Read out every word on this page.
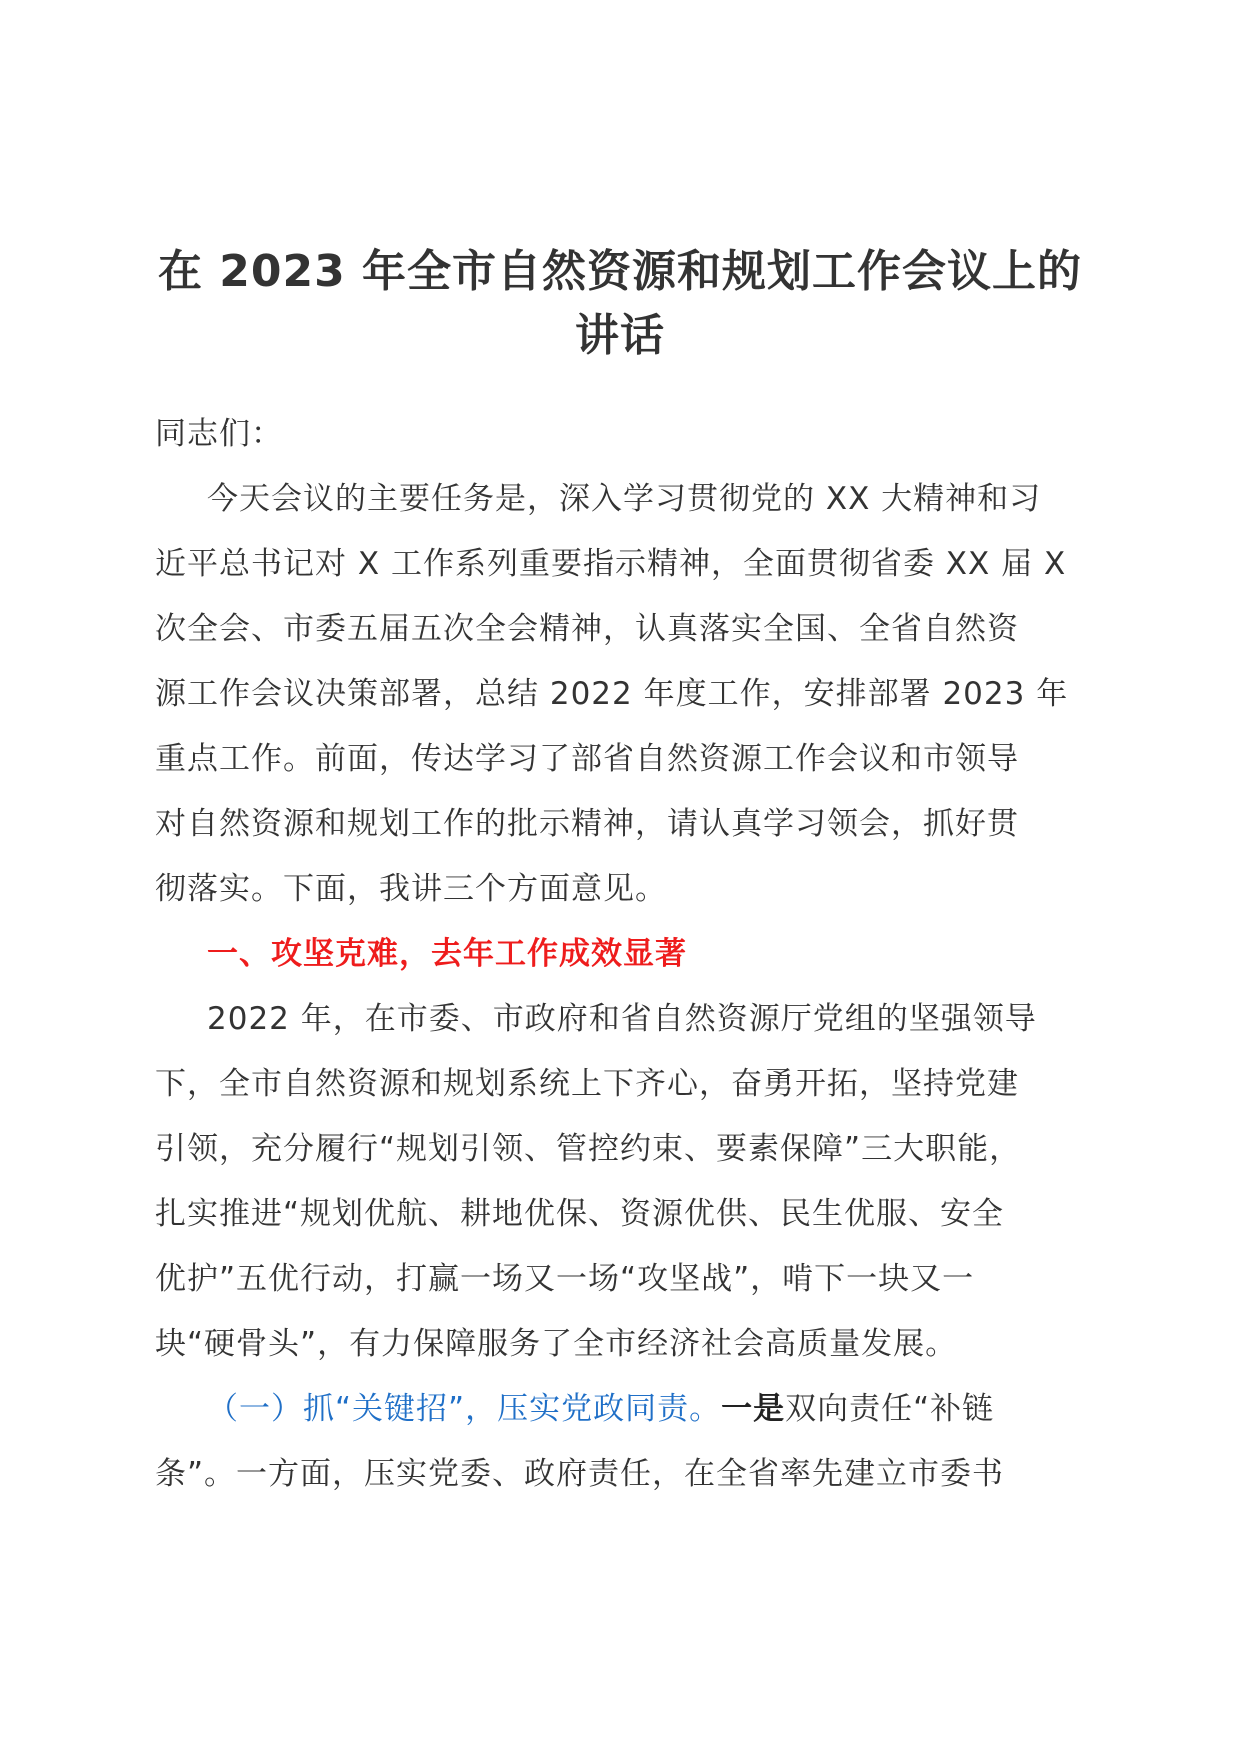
在 2023 年全市自然资源和规划工作会议上的
讲话

同志们：

今天会议的主要任务是，深入学习贯彻党的 XX 大精神和习
近平总书记对 X 工作系列重要指示精神，全面贯彻省委 XX 届 X
次全会、市委五届五次全会精神，认真落实全国、全省自然资
源工作会议决策部署，总结 2022 年度工作，安排部署 2023 年
重点工作。前面，传达学习了部省自然资源工作会议和市领导
对自然资源和规划工作的批示精神，请认真学习领会，抓好贯
彻落实。下面，我讲三个方面意见。

一、攻坚克难，去年工作成效显著

2022 年，在市委、市政府和省自然资源厅党组的坚强领导
下，全市自然资源和规划系统上下齐心，奋勇开拓，坚持党建
引领，充分履行“规划引领、管控约束、要素保障”三大职能，
扎实推进“规划优航、耕地优保、资源优供、民生优服、安全
优护”五优行动，打赢一场又一场“攻坚战”，啃下一块又一
块“硬骨头”，有力保障服务了全市经济社会高质量发展。

（一）抓“关键招”，压实党政同责。一是双向责任“补链
条”。一方面，压实党委、政府责任，在全省率先建立市委书
